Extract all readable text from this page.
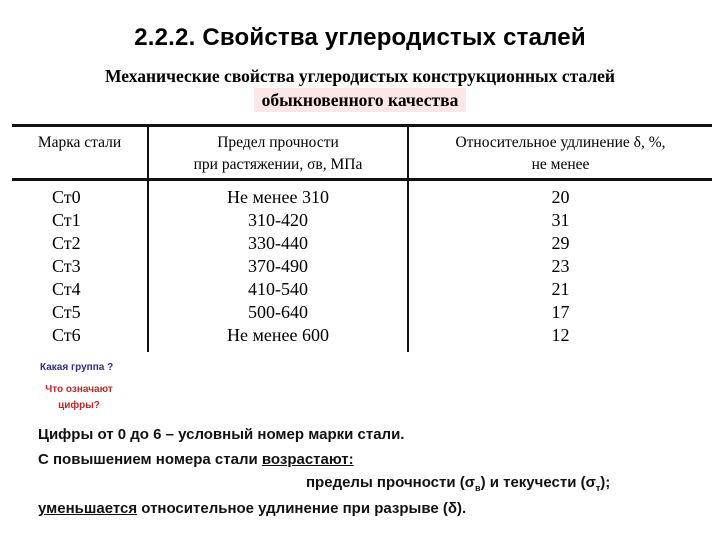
2.2.2. Свойства углеродистых сталей
Механические свойства углеродистых конструкционных сталей
обыкновенного качества
Марка стали	Предел прочности
при растяжении, σв, МПа
Относительное удлинение δ, %,
не менее
Ст0
Ст1
Ст2
Ст3
Ст4
Ст5
Ст6
Не менее 310
310-420
330-440
370-490
410-540
500-640
Не менее 600
20
31
29
23
21
17
12
Какая группа ?
Что означают
цифры?
Цифры от 0 до 6 – условный номер марки стали.
С повышением номера стали возрастают:
пределы прочности $(\sigma_в)$ и текучести $(\sigma_т)$;
уменьшается относительное удлинение при разрыве (δ).
